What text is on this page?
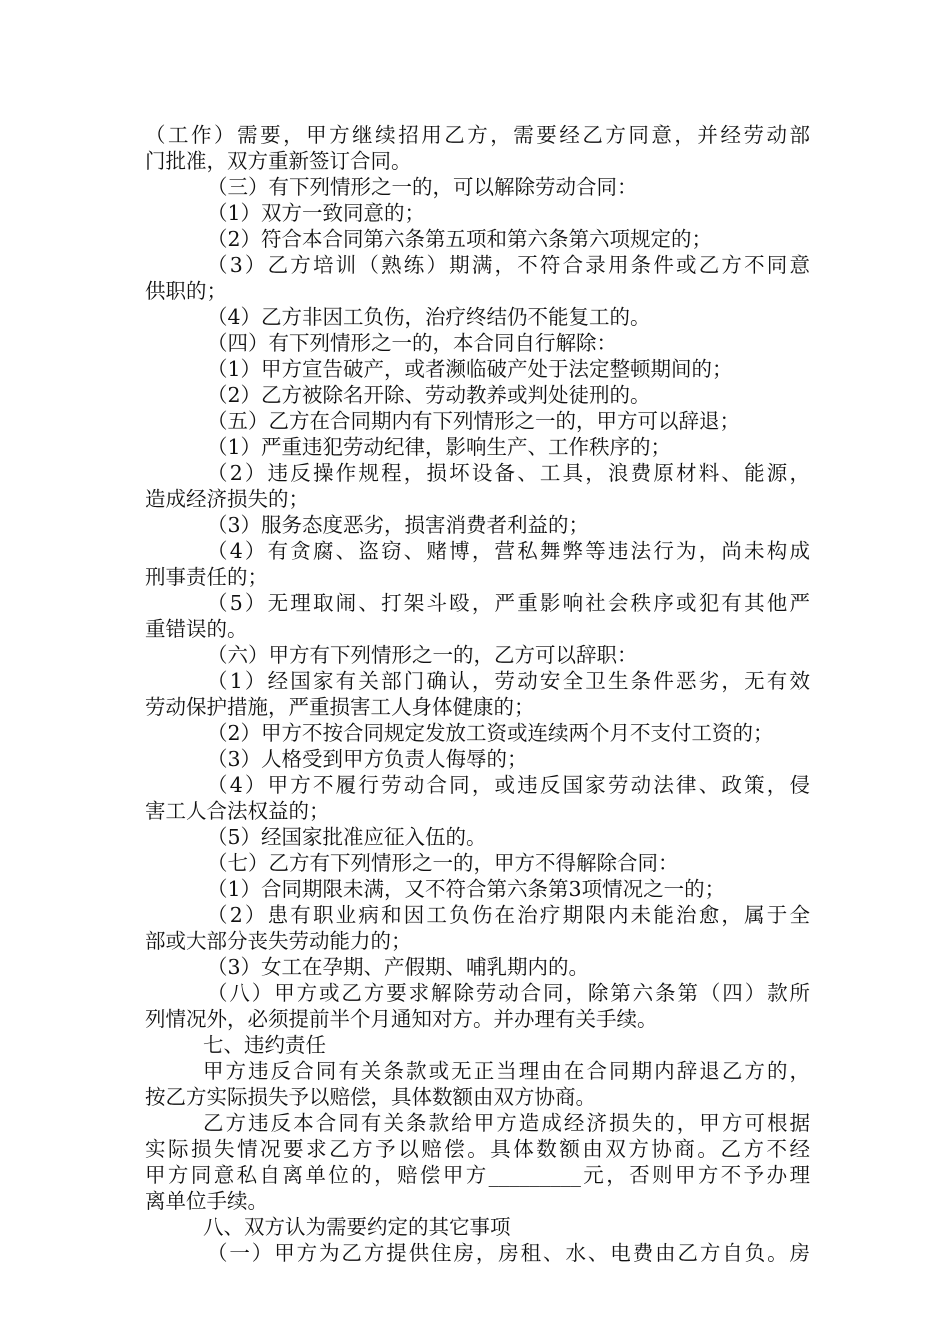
（工作）需要，甲方继续招用乙方，需要经乙方同意，并经劳动部
门批准，双方重新签订合同。
（三）有下列情形之一的，可以解除劳动合同：
（1）双方一致同意的；
（2）符合本合同第六条第五项和第六条第六项规定的；
（3）乙方培训（熟练）期满，不符合录用条件或乙方不同意
供职的；
（4）乙方非因工负伤，治疗终结仍不能复工的。
（四）有下列情形之一的，本合同自行解除：
（1）甲方宣告破产，或者濒临破产处于法定整顿期间的；
（2）乙方被除名开除、劳动教养或判处徒刑的。
（五）乙方在合同期内有下列情形之一的，甲方可以辞退；
（1）严重违犯劳动纪律，影响生产、工作秩序的；
（2）违反操作规程，损坏设备、工具，浪费原材料、能源，
造成经济损失的；
（3）服务态度恶劣，损害消费者利益的；
（4）有贪腐、盗窃、赌博，营私舞弊等违法行为，尚未构成
刑事责任的；
（5）无理取闹、打架斗殴，严重影响社会秩序或犯有其他严
重错误的。
（六）甲方有下列情形之一的，乙方可以辞职：
（1）经国家有关部门确认，劳动安全卫生条件恶劣，无有效
劳动保护措施，严重损害工人身体健康的；
（2）甲方不按合同规定发放工资或连续两个月不支付工资的；
（3）人格受到甲方负责人侮辱的；
（4）甲方不履行劳动合同，或违反国家劳动法律、政策，侵
害工人合法权益的；
（5）经国家批准应征入伍的。
（七）乙方有下列情形之一的，甲方不得解除合同：
（1）合同期限未满，又不符合第六条第3项情况之一的；
（2）患有职业病和因工负伤在治疗期限内未能治愈，属于全
部或大部分丧失劳动能力的；
（3）女工在孕期、产假期、哺乳期内的。
（八）甲方或乙方要求解除劳动合同，除第六条第（四）款所
列情况外，必须提前半个月通知对方。并办理有关手续。
七、违约责任
甲方违反合同有关条款或无正当理由在合同期内辞退乙方的，
按乙方实际损失予以赔偿，具体数额由双方协商。
乙方违反本合同有关条款给甲方造成经济损失的，甲方可根据
实际损失情况要求乙方予以赔偿。具体数额由双方协商。乙方不经
甲方同意私自离单位的，赔偿甲方_________元，否则甲方不予办理
离单位手续。
八、双方认为需要约定的其它事项
（一）甲方为乙方提供住房，房租、水、电费由乙方自负。房
